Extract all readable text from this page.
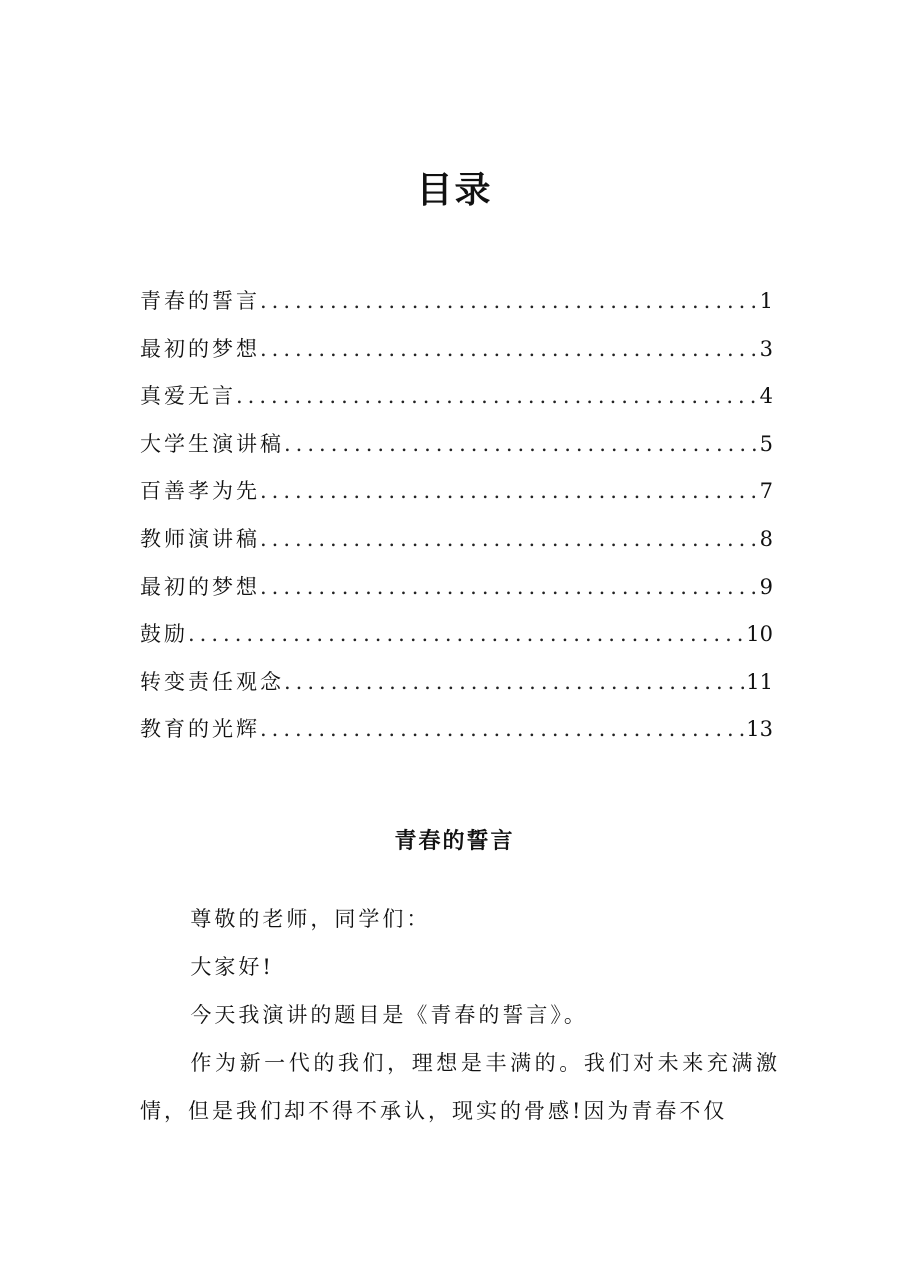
目录
青春的誓言 .....	1
最初的梦想 .....	3
真爱无言 .....	4
大学生演讲稿 .....	5
百善孝为先 .....	7
教师演讲稿 .....	8
最初的梦想 .....	9
鼓励 .....	10
转变责任观念 .....	11
教育的光辉 .....	13
青春的誓言

尊敬的老师，同学们：

大家好!

今天我演讲的题目是《青春的誓言》。

作为新一代的我们，理想是丰满的。我们对未来充满激情，但是我们却不得不承认，现实的骨感!因为青春不仅
